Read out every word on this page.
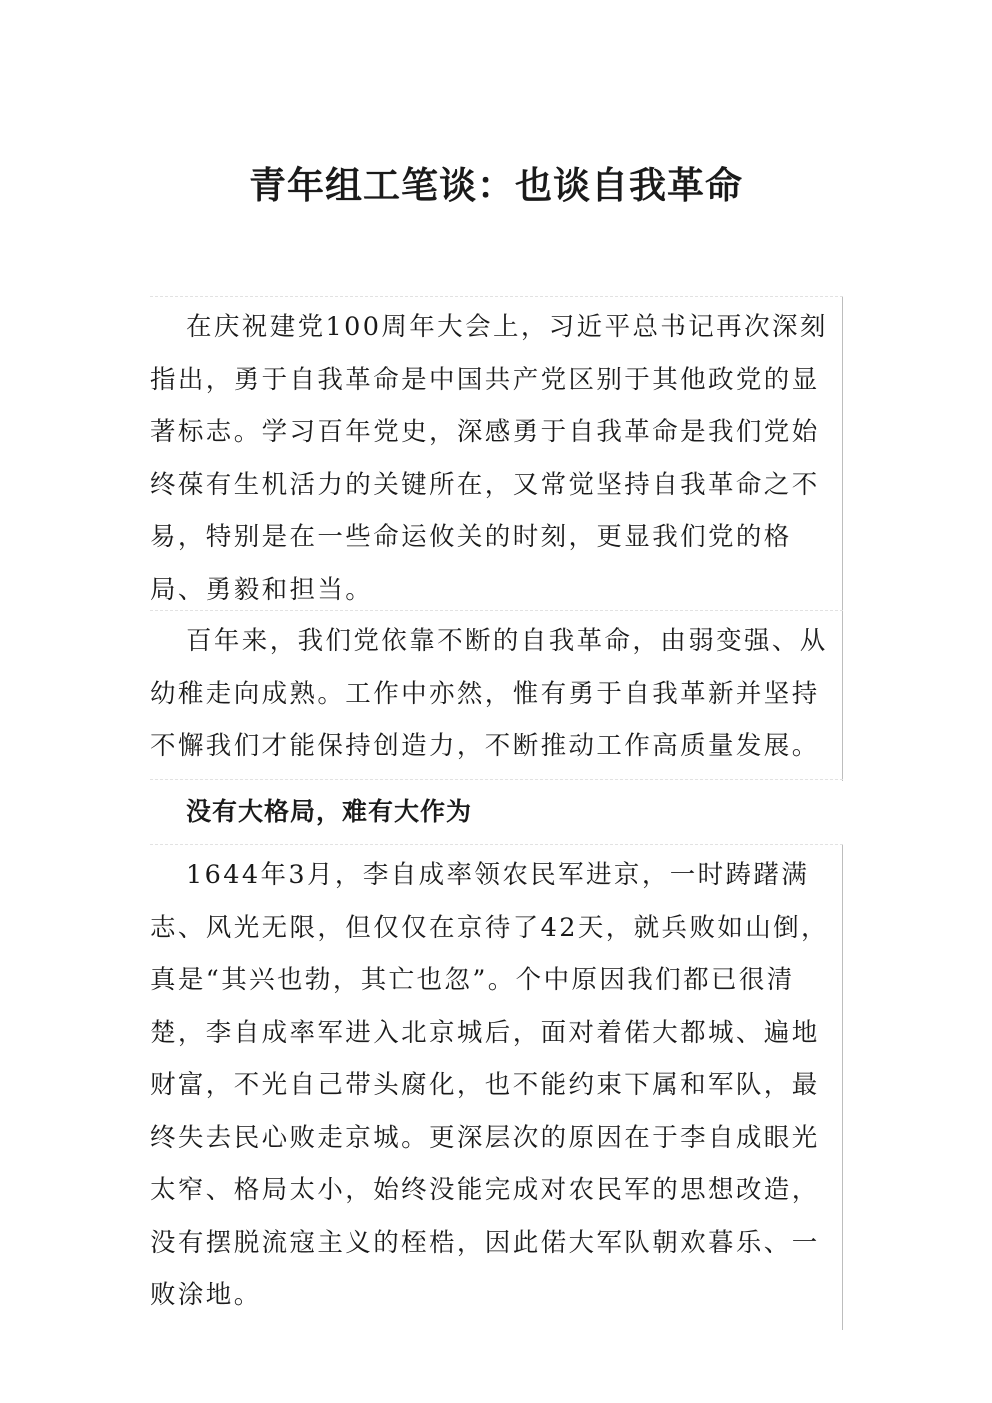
青年组工笔谈：也谈自我革命

在庆祝建党100周年大会上，习近平总书记再次深刻指出，勇于自我革命是中国共产党区别于其他政党的显著标志。学习百年党史，深感勇于自我革命是我们党始终葆有生机活力的关键所在，又常觉坚持自我革命之不易，特别是在一些命运攸关的时刻，更显我们党的格局、勇毅和担当。

百年来，我们党依靠不断的自我革命，由弱变强、从幼稚走向成熟。工作中亦然，惟有勇于自我革新并坚持不懈我们才能保持创造力，不断推动工作高质量发展。

没有大格局，难有大作为

1644年3月，李自成率领农民军进京，一时踌躇满志、风光无限，但仅仅在京待了42天，就兵败如山倒，真是“其兴也勃，其亡也忽”。个中原因我们都已很清楚，李自成率军进入北京城后，面对着偌大都城、遍地财富，不光自己带头腐化，也不能约束下属和军队，最终失去民心败走京城。更深层次的原因在于李自成眼光太窄、格局太小，始终没能完成对农民军的思想改造，没有摆脱流寇主义的桎梏，因此偌大军队朝欢暮乐、一败涂地。
